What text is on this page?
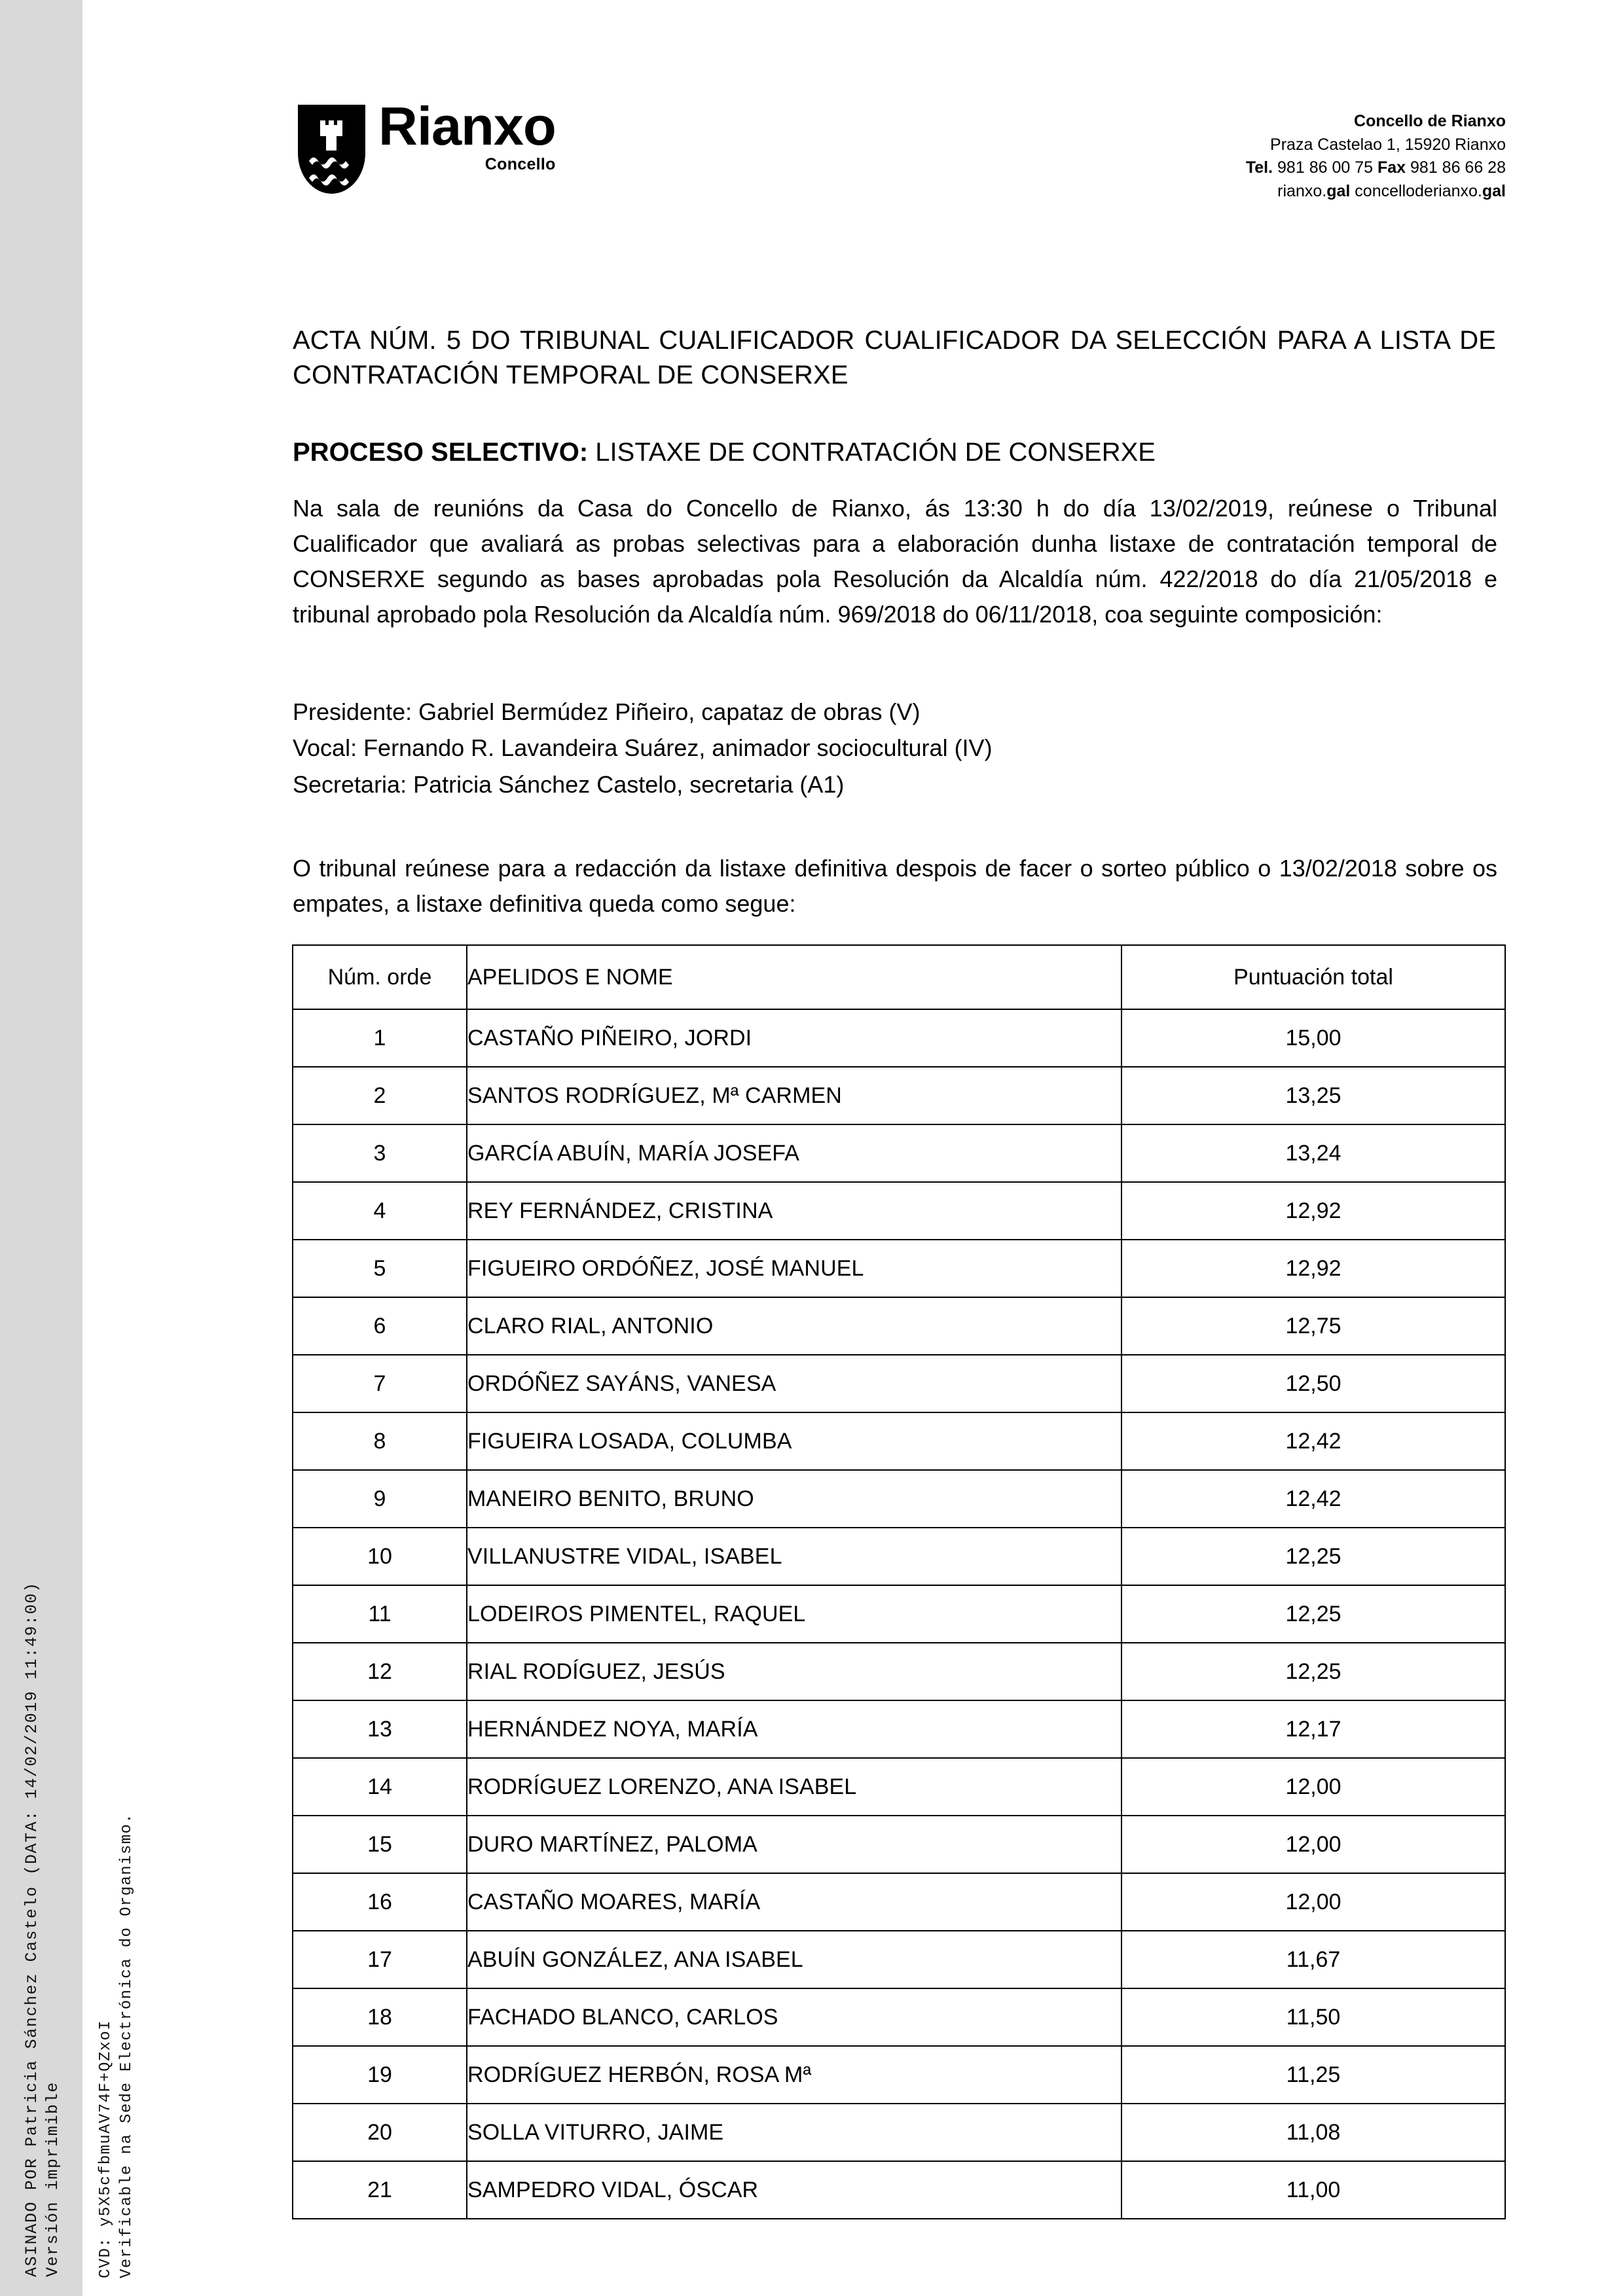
ASINADO POR Patricia Sánchez Castelo (DATA: 14/02/2019 11:49:00) Versión imprimible CVD: y5X5cfbmuAV74F+QZxoI Verificable na Sede Electrónica do Organismo.
Rianxo
Concello
Concello de Rianxo
Praza Castelao 1, 15920 Rianxo
Tel. 981 86 00 75 Fax 981 86 66 28
rianxo.gal concelloderianxo.gal
ACTA NÚM. 5 DO TRIBUNAL CUALIFICADOR CUALIFICADOR DA SELECCIÓN PARA A LISTA DE CONTRATACIÓN TEMPORAL DE CONSERXE
PROCESO SELECTIVO: LISTAXE DE CONTRATACIÓN DE CONSERXE
Na sala de reunións da Casa do Concello de Rianxo, ás 13:30 h do día 13/02/2019, reúnese o Tribunal Cualificador que avaliará as probas selectivas para a elaboración dunha listaxe de contratación temporal de CONSERXE segundo as bases aprobadas pola Resolución da Alcaldía núm. 422/2018 do día 21/05/2018 e tribunal aprobado pola Resolución da Alcaldía núm. 969/2018 do 06/11/2018, coa seguinte composición:
Presidente: Gabriel Bermúdez Piñeiro, capataz de obras (V)
Vocal: Fernando R. Lavandeira Suárez, animador sociocultural (IV)
Secretaria: Patricia Sánchez Castelo, secretaria (A1)
O tribunal reúnese para a redacción da listaxe definitiva despois de facer o sorteo público o 13/02/2018 sobre os empates, a listaxe definitiva queda como segue:
Núm. orde	APELIDOS E NOME	Puntuación total
1	CASTAÑO PIÑEIRO, JORDI	15,00
2	SANTOS RODRÍGUEZ, Mª CARMEN	13,25
3	GARCÍA ABUÍN, MARÍA JOSEFA	13,24
4	REY FERNÁNDEZ, CRISTINA	12,92
5	FIGUEIRO ORDÓÑEZ, JOSÉ MANUEL	12,92
6	CLARO RIAL, ANTONIO	12,75
7	ORDÓÑEZ SAYÁNS, VANESA	12,50
8	FIGUEIRA LOSADA, COLUMBA	12,42
9	MANEIRO BENITO, BRUNO	12,42
10	VILLANUSTRE VIDAL, ISABEL	12,25
11	LODEIROS PIMENTEL, RAQUEL	12,25
12	RIAL RODÍGUEZ, JESÚS	12,25
13	HERNÁNDEZ NOYA, MARÍA	12,17
14	RODRÍGUEZ LORENZO, ANA ISABEL	12,00
15	DURO MARTÍNEZ, PALOMA	12,00
16	CASTAÑO MOARES, MARÍA	12,00
17	ABUÍN GONZÁLEZ, ANA ISABEL	11,67
18	FACHADO BLANCO, CARLOS	11,50
19	RODRÍGUEZ HERBÓN, ROSA Mª	11,25
20	SOLLA VITURRO, JAIME	11,08
21	SAMPEDRO VIDAL, ÓSCAR	11,00
